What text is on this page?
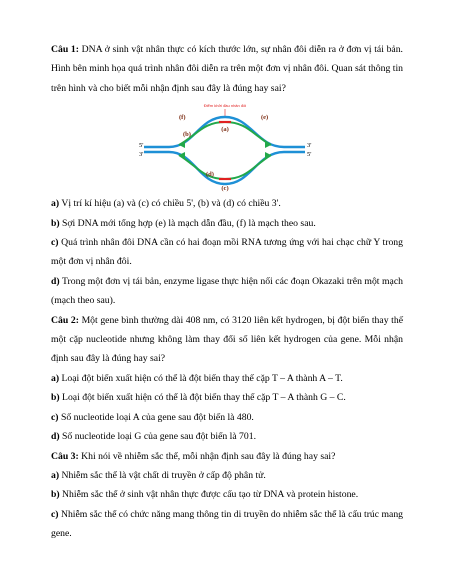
Câu 1: DNA ở sinh vật nhân thực có kích thước lớn, sự nhân đôi diễn ra ở đơn vị tái bản. Hình bên minh họa quá trình nhân đôi diễn ra trên một đơn vị nhân đôi. Quan sát thông tin trên hình và cho biết mỗi nhận định sau đây là đúng hay sai?

Điểm khởi đầu nhân đôi
(a)
(b)
(c)
(d)
(e)
(f)
5'
3'
3'
5'

a) Vị trí kí hiệu (a) và (c) có chiều 5', (b) và (d) có chiều 3'.

b) Sợi DNA mới tổng hợp (e) là mạch dẫn đầu, (f) là mạch theo sau.

c) Quá trình nhân đôi DNA cần có hai đoạn mồi RNA tương ứng với hai chạc chữ Y trong một đơn vị nhân đôi.

d) Trong một đơn vị tái bản, enzyme ligase thực hiện nối các đoạn Okazaki trên một mạch (mạch theo sau).

Câu 2: Một gene bình thường dài 408 nm, có 3120 liên kết hydrogen, bị đột biến thay thế một cặp nucleotide nhưng không làm thay đổi số liên kết hydrogen của gene. Mỗi nhận định sau đây là đúng hay sai?

a) Loại đột biến xuất hiện có thể là đột biến thay thế cặp T – A thành A – T.

b) Loại đột biến xuất hiện có thể là đột biến thay thế cặp T – A thành G – C.

c) Số nucleotide loại A của gene sau đột biến là 480.

d) Số nucleotide loại G của gene sau đột biến là 701.

Câu 3: Khi nói về nhiễm sắc thể, mỗi nhận định sau đây là đúng hay sai?

a) Nhiễm sắc thể là vật chất di truyền ở cấp độ phân tử.

b) Nhiễm sắc thể ở sinh vật nhân thực được cấu tạo từ DNA và protein histone.

c) Nhiễm sắc thể có chức năng mang thông tin di truyền do nhiễm sắc thể là cấu trúc mang gene.
